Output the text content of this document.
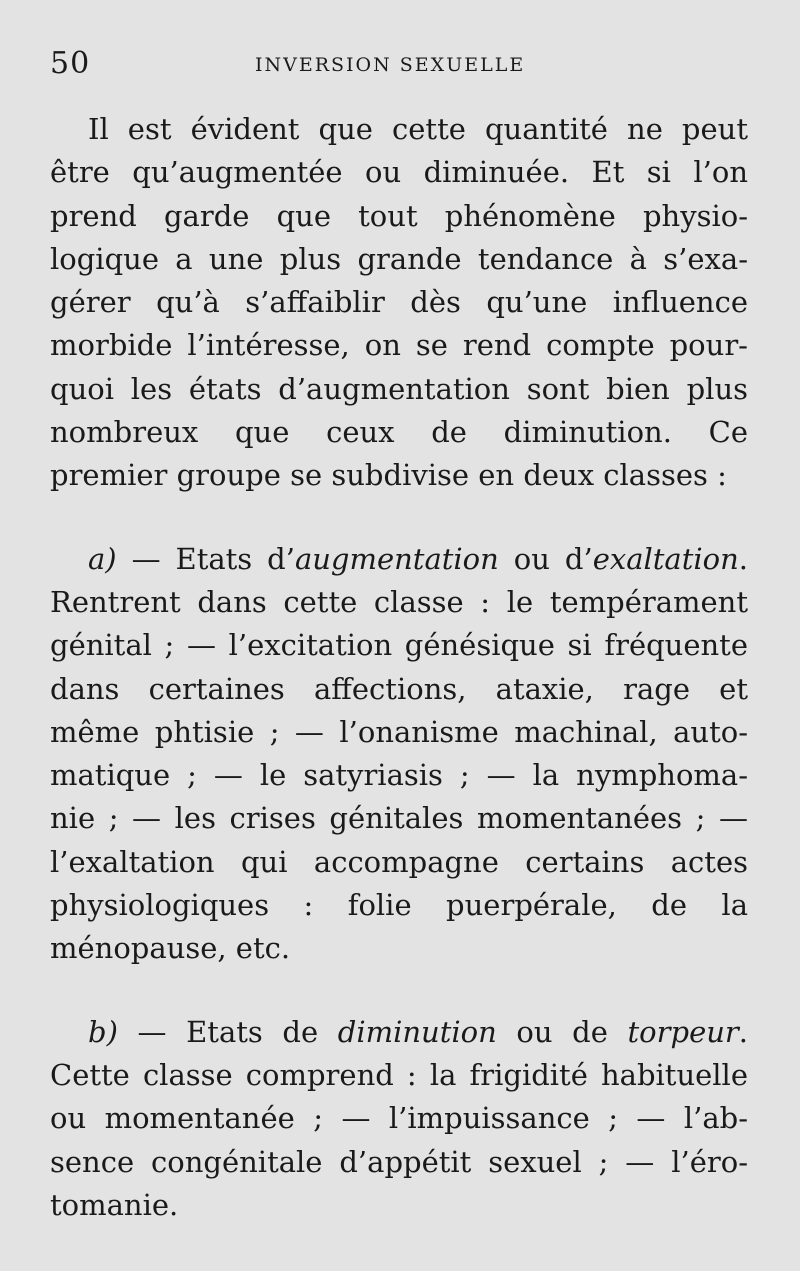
50	INVERSION SEXUELLE
Il est évident que cette quantité ne peut
être qu’augmentée ou diminuée. Et si l’on
prend garde que tout phénomène physio-
logique a une plus grande tendance à s’exa-
gérer qu’à s’affaiblir dès qu’une influence
morbide l’intéresse, on se rend compte pour-
quoi les états d’augmentation sont bien plus
nombreux que ceux de diminution. Ce
premier groupe se subdivise en deux classes :
a) — Etats d’augmentation ou d’exaltation.
Rentrent dans cette classe : le tempérament
génital ; — l’excitation génésique si fréquente
dans certaines affections, ataxie, rage et
même phtisie ; — l’onanisme machinal, auto-
matique ; — le satyriasis ; — la nymphoma-
nie ; — les crises génitales momentanées ; —
l’exaltation qui accompagne certains actes
physiologiques : folie puerpérale, de la
ménopause, etc.
b) — Etats de diminution ou de torpeur.
Cette classe comprend : la frigidité habituelle
ou momentanée ; — l’impuissance ; — l’ab-
sence congénitale d’appétit sexuel ; — l’éro-
tomanie.
